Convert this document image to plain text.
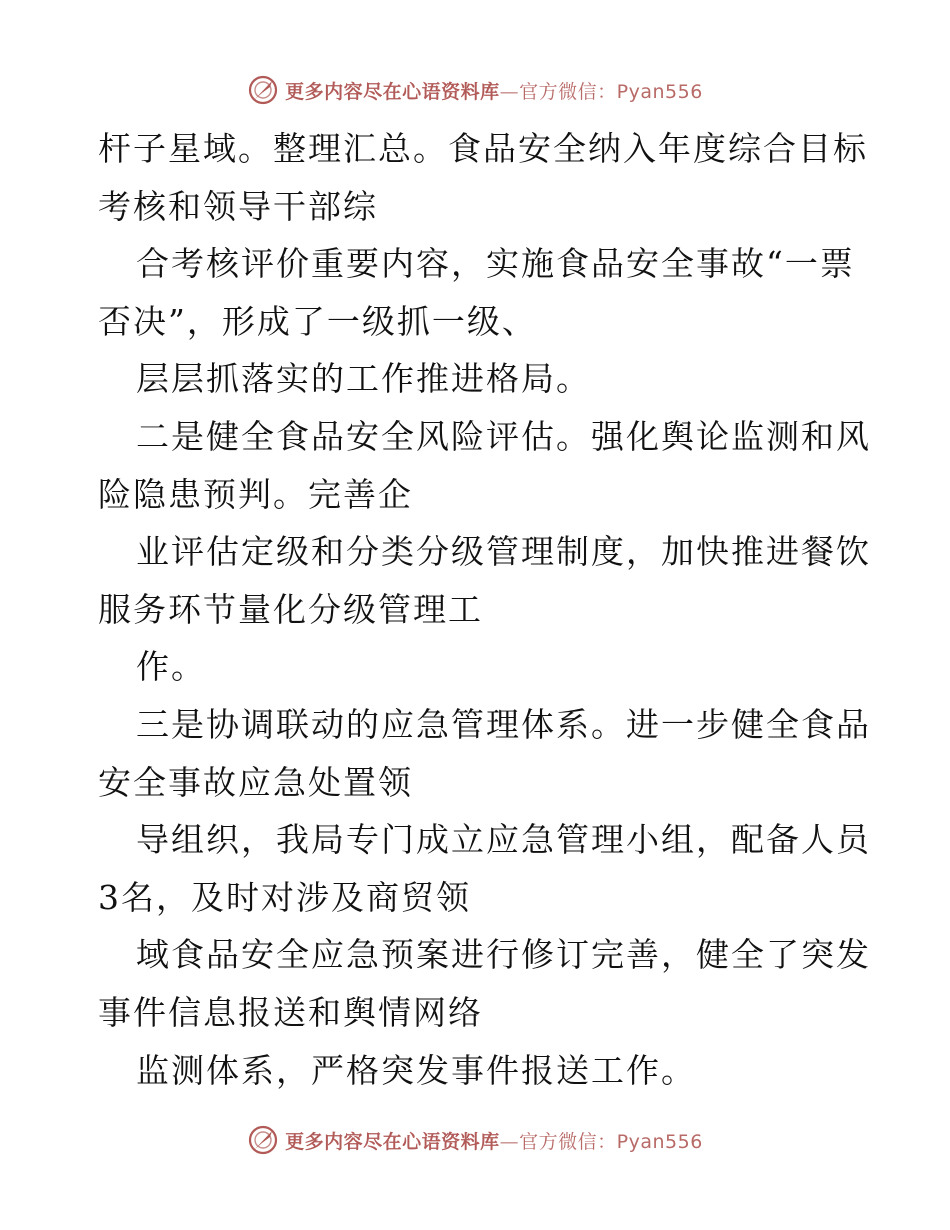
更多内容尽在心语资料库—官方微信：Pyan556
杆子星域。整理汇总。食品安全纳入年度综合目标
考核和领导干部综
合考核评价重要内容，实施食品安全事故“一票
否决”，形成了一级抓一级、
层层抓落实的工作推进格局。
二是健全食品安全风险评估。强化舆论监测和风
险隐患预判。完善企
业评估定级和分类分级管理制度，加快推进餐饮
服务环节量化分级管理工
作。
三是协调联动的应急管理体系。进一步健全食品
安全事故应急处置领
导组织，我局专门成立应急管理小组，配备人员
3名，及时对涉及商贸领
域食品安全应急预案进行修订完善，健全了突发
事件信息报送和舆情网络
监测体系，严格突发事件报送工作。
更多内容尽在心语资料库—官方微信：Pyan556
